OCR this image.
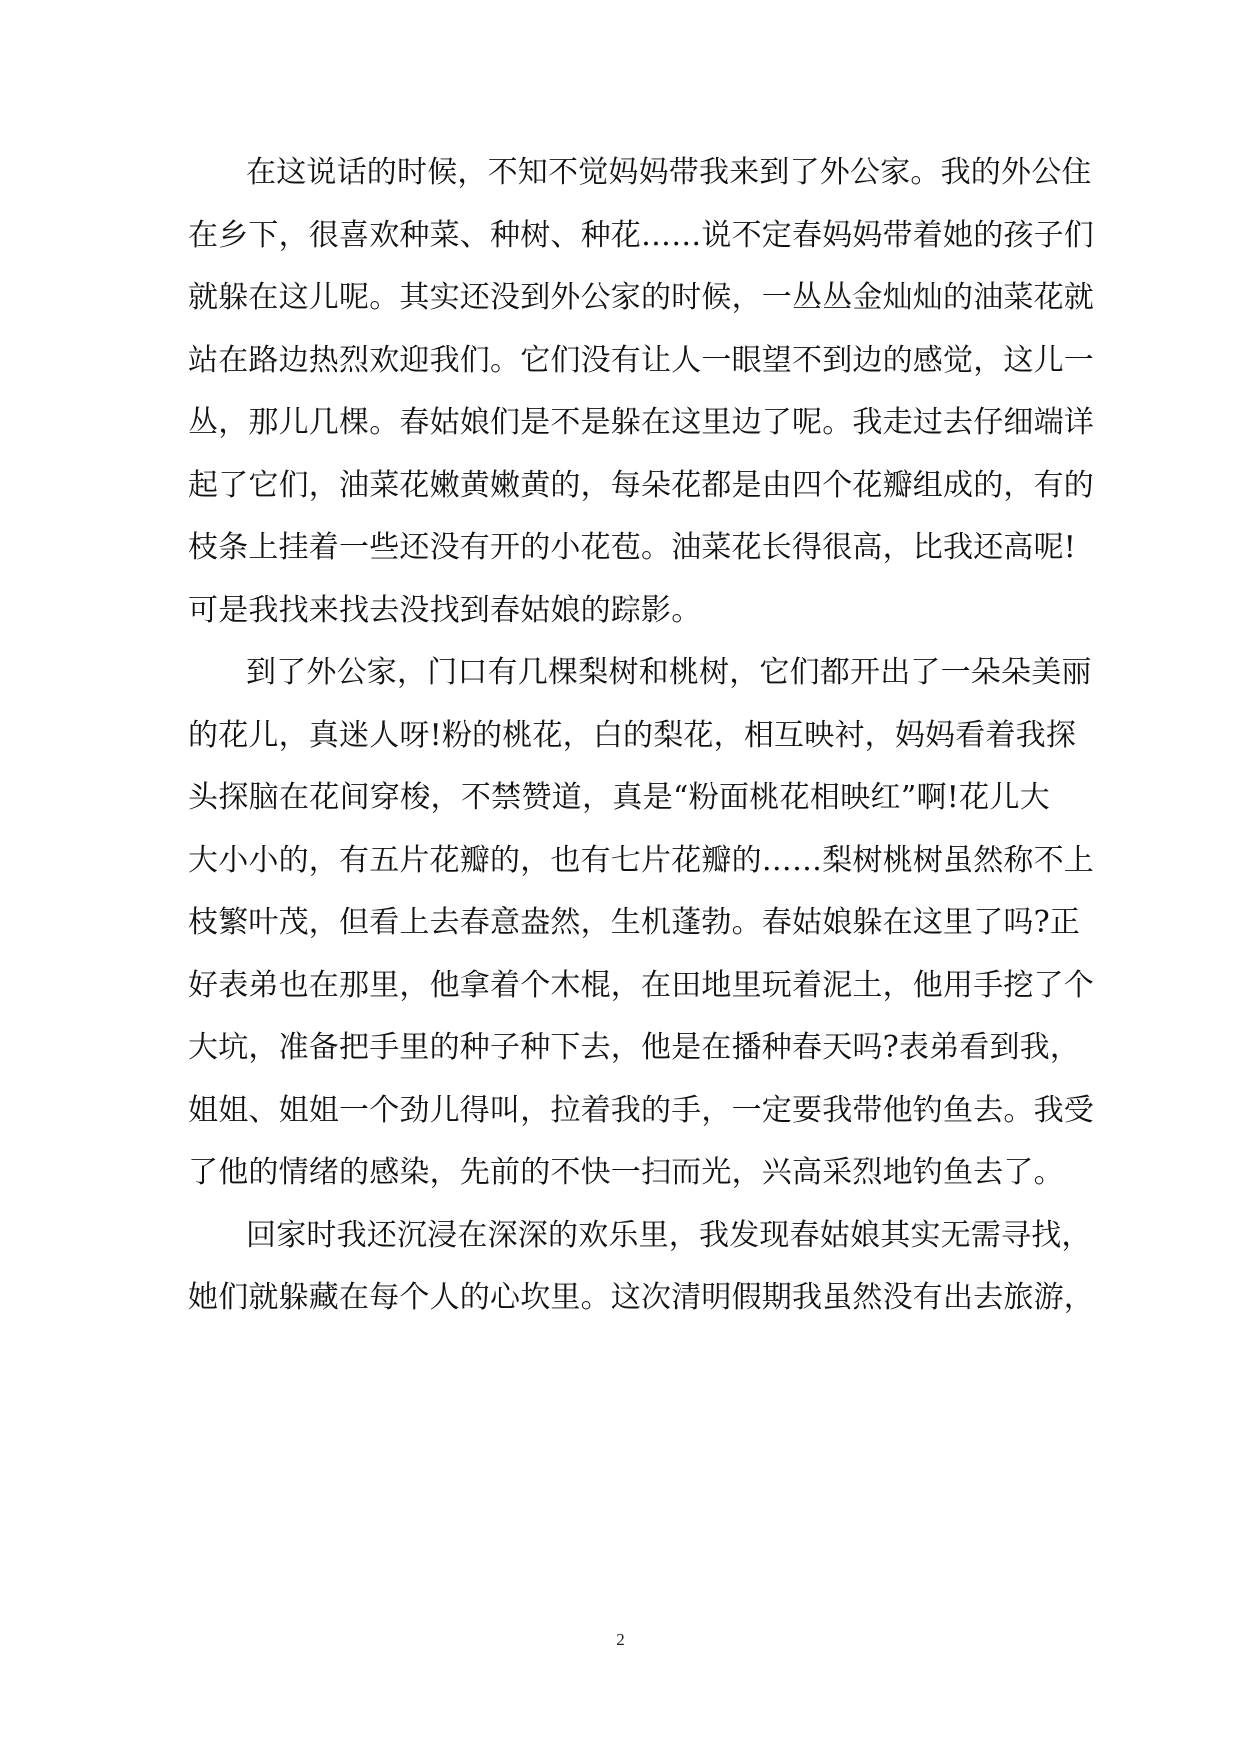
在这说话的时候，不知不觉妈妈带我来到了外公家。我的外公住
在乡下，很喜欢种菜、种树、种花……说不定春妈妈带着她的孩子们
就躲在这儿呢。其实还没到外公家的时候，一丛丛金灿灿的油菜花就
站在路边热烈欢迎我们。它们没有让人一眼望不到边的感觉，这儿一
丛，那儿几棵。春姑娘们是不是躲在这里边了呢。我走过去仔细端详
起了它们，油菜花嫩黄嫩黄的，每朵花都是由四个花瓣组成的，有的
枝条上挂着一些还没有开的小花苞。油菜花长得很高，比我还高呢!
可是我找来找去没找到春姑娘的踪影。
到了外公家，门口有几棵梨树和桃树，它们都开出了一朵朵美丽
的花儿，真迷人呀!粉的桃花，白的梨花，相互映衬，妈妈看着我探
头探脑在花间穿梭，不禁赞道，真是“粉面桃花相映红”啊!花儿大
大小小的，有五片花瓣的，也有七片花瓣的……梨树桃树虽然称不上
枝繁叶茂，但看上去春意盎然，生机蓬勃。春姑娘躲在这里了吗?正
好表弟也在那里，他拿着个木棍，在田地里玩着泥土，他用手挖了个
大坑，准备把手里的种子种下去，他是在播种春天吗?表弟看到我，
姐姐、姐姐一个劲儿得叫，拉着我的手，一定要我带他钓鱼去。我受
了他的情绪的感染，先前的不快一扫而光，兴高采烈地钓鱼去了。
回家时我还沉浸在深深的欢乐里，我发现春姑娘其实无需寻找，
她们就躲藏在每个人的心坎里。这次清明假期我虽然没有出去旅游，
2
